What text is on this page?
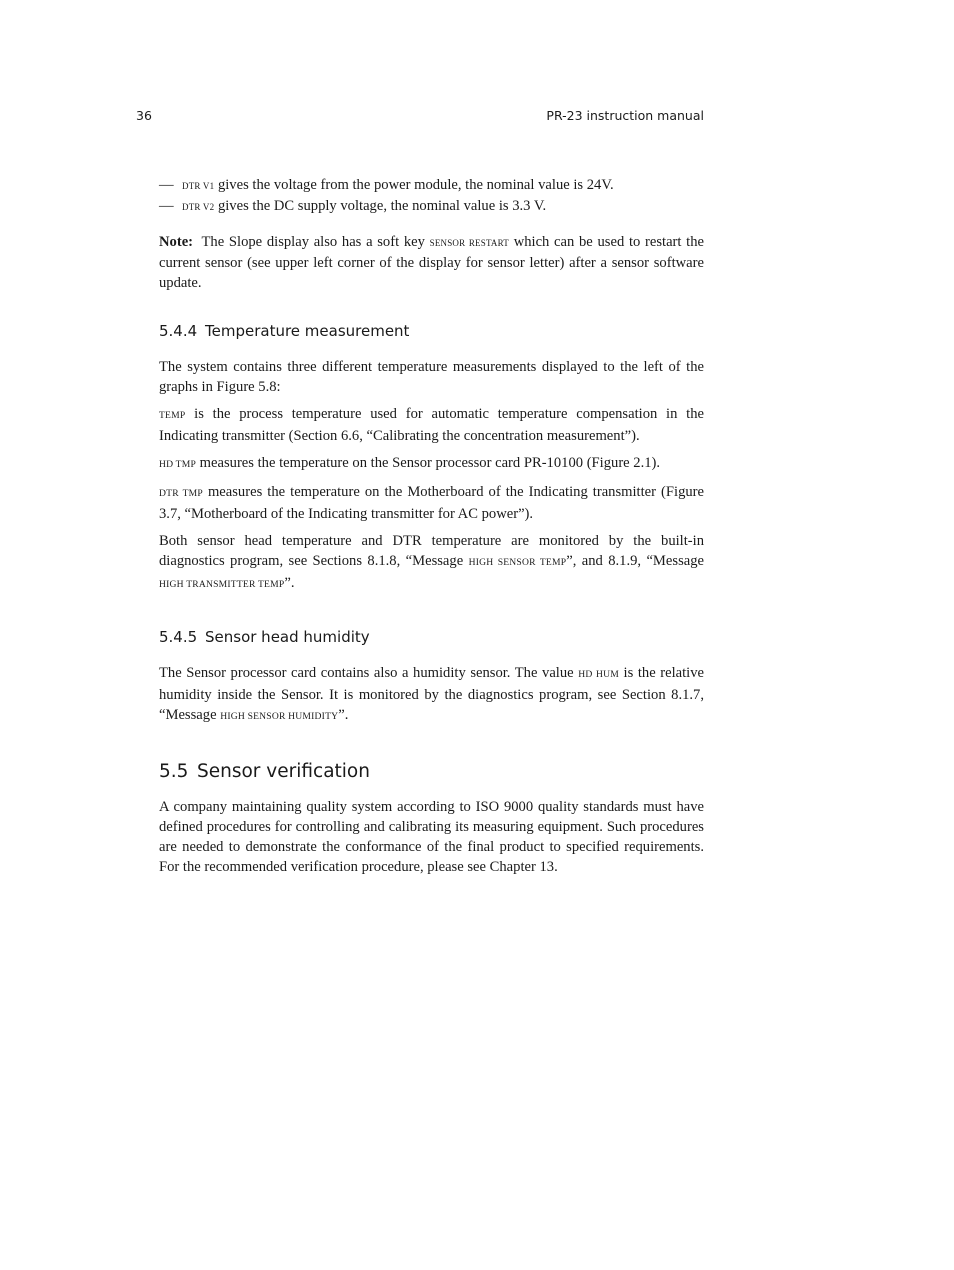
36	PR-23 instruction manual
— DTR V1 gives the voltage from the power module, the nominal value is 24V.
— DTR V2 gives the DC supply voltage, the nominal value is 3.3 V.

Note: The Slope display also has a soft key SENSOR RESTART which can be used to restart the current sensor (see upper left corner of the display for sensor letter) after a sensor software update.

5.4.4 Temperature measurement

The system contains three different temperature measurements displayed to the left of the graphs in Figure 5.8:

TEMP is the process temperature used for automatic temperature compensation in the Indicating transmitter (Section 6.6, “Calibrating the concentration measurement”).

HD TMP measures the temperature on the Sensor processor card PR-10100 (Figure 2.1).

DTR TMP measures the temperature on the Motherboard of the Indicating transmitter (Figure 3.7, “Motherboard of the Indicating transmitter for AC power”).

Both sensor head temperature and DTR temperature are monitored by the built-in diagnostics program, see Sections 8.1.8, “Message HIGH SENSOR TEMP”, and 8.1.9, “Message HIGH TRANSMITTER TEMP”.

5.4.5 Sensor head humidity

The Sensor processor card contains also a humidity sensor. The value HD HUM is the relative humidity inside the Sensor. It is monitored by the diagnostics program, see Section 8.1.7, “Message HIGH SENSOR HUMIDITY”.

5.5 Sensor verification

A company maintaining quality system according to ISO 9000 quality standards must have defined procedures for controlling and calibrating its measuring equipment. Such procedures are needed to demonstrate the conformance of the final product to specified requirements. For the recommended verification procedure, please see Chapter 13.
